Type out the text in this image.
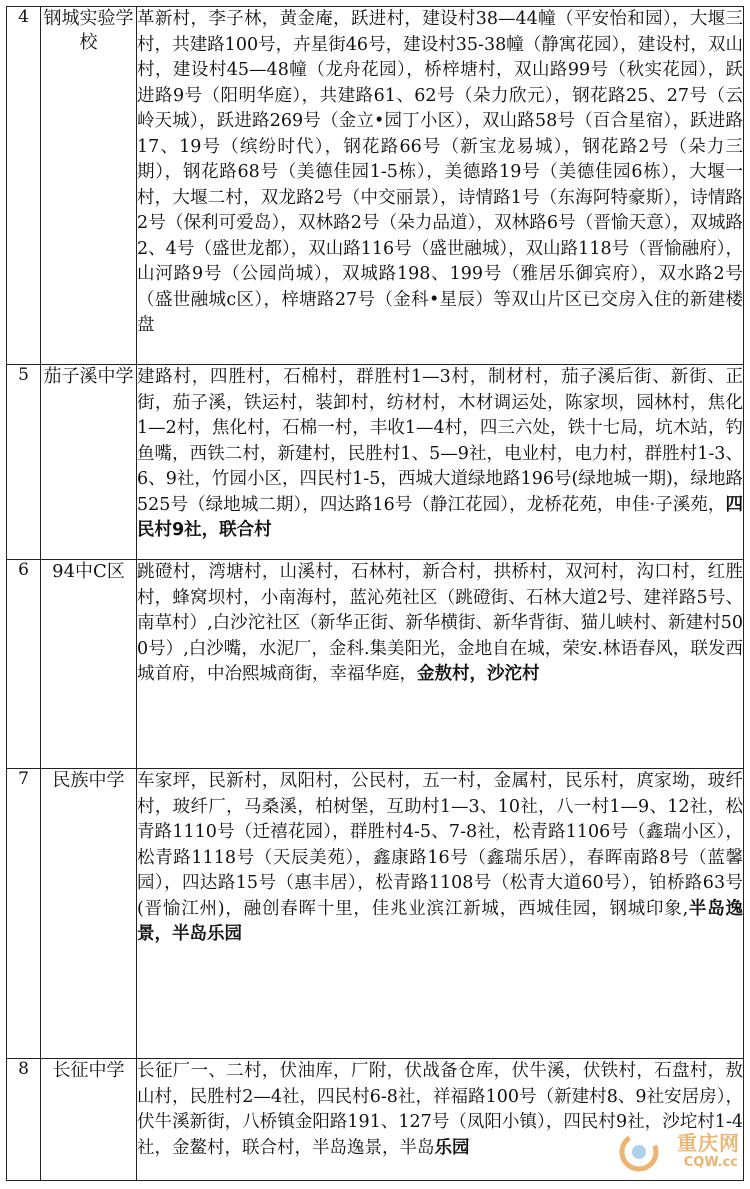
4	钢城实验学校	革新村，李子林，黄金庵，跃进村，建设村38—44幢（平安怡和园），大堰三村，共建路100号，卉星街46号，建设村35-38幢（静寓花园），建设村，双山村，建设村45—48幢（龙舟花园），桥梓塘村，双山路99号（秋实花园），跃进路9号（阳明华庭），共建路61、62号（朵力欣元），钢花路25、27号（云岭天城），跃进路269号（金立•园丁小区），双山路58号（百合星宿），跃进路17、19号（缤纷时代），钢花路66号（新宝龙易城），钢花路2号（朵力三期），钢花路68号（美德佳园1-5栋），美德路19号（美德佳园6栋），大堰一村，大堰二村，双龙路2号（中交丽景），诗情路1号（东海阿特豪斯），诗情路2号（保利可爱岛），双林路2号（朵力品道），双林路6号（晋愉天意），双城路2、4号（盛世龙都），双山路116号（盛世融城），双山路118号（晋愉融府），山河路9号（公园尚城），双城路198、199号（雅居乐御宾府），双水路2号（盛世融城c区），梓塘路27号（金科•星辰）等双山片区已交房入住的新建楼盘
5	茄子溪中学	建路村，四胜村，石棉村，群胜村1—3村，制材村，茄子溪后街、新街、正街，茄子溪，铁运村，装卸村，纺材村，木材调运处，陈家坝，园林村，焦化1—2村，焦化村，石棉一村，丰收1—4村，四三六处，铁十七局，坑木站，钓鱼嘴，西铁二村，新建村，民胜村1、5—9社，电业村，电力村，群胜村1-3、6、9社，竹园小区，四民村1-5，西城大道绿地路196号(绿地城一期)，绿地路525号（绿地城二期），四达路16号（静江花园），龙桥花苑，申佳·子溪苑，四民村9社，联合村
6	94中C区	跳磴村，湾塘村，山溪村，石林村，新合村，拱桥村，双河村，沟口村，红胜村，蜂窝坝村，小南海村，蓝沁苑社区（跳磴街、石林大道2号、建祥路5号、南草村）,白沙沱社区（新华正街、新华横街、新华背街、猫儿峡村、新建村500号）,白沙嘴，水泥厂，金科.集美阳光，金地自在城，荣安.林语春风，联发西城首府，中冶熙城商街，幸福华庭，金敖村，沙沱村
7	民族中学	车家坪，民新村，凤阳村，公民村，五一村，金属村，民乐村，庹家坳，玻纤村，玻纤厂，马桑溪，柏树堡，互助村1—3、10社，八一村1—9、12社，松青路1110号（迁禧花园），群胜村4-5、7-8社，松青路1106号（鑫瑞小区），松青路1118号（天辰美苑），鑫康路16号（鑫瑞乐居），春晖南路8号（蓝馨园），四达路15号（惠丰居），松青路1108号（松青大道60号），铂桥路63号(晋愉江州)，融创春晖十里，佳兆业滨江新城，西城佳园，钢城印象,半岛逸景，半岛乐园
8	长征中学	长征厂一、二村，伏油库，厂附，伏战备仓库，伏牛溪，伏铁村，石盘村，敖山村，民胜村2—4社，四民村6-8社，祥福路100号（新建村8、9社安居房），伏牛溪新街，八桥镇金阳路191、127号（凤阳小镇），四民村9社，沙坨村1-4社，金鳌村，联合村，半岛逸景，半岛乐园	重庆网
CQW.cc
